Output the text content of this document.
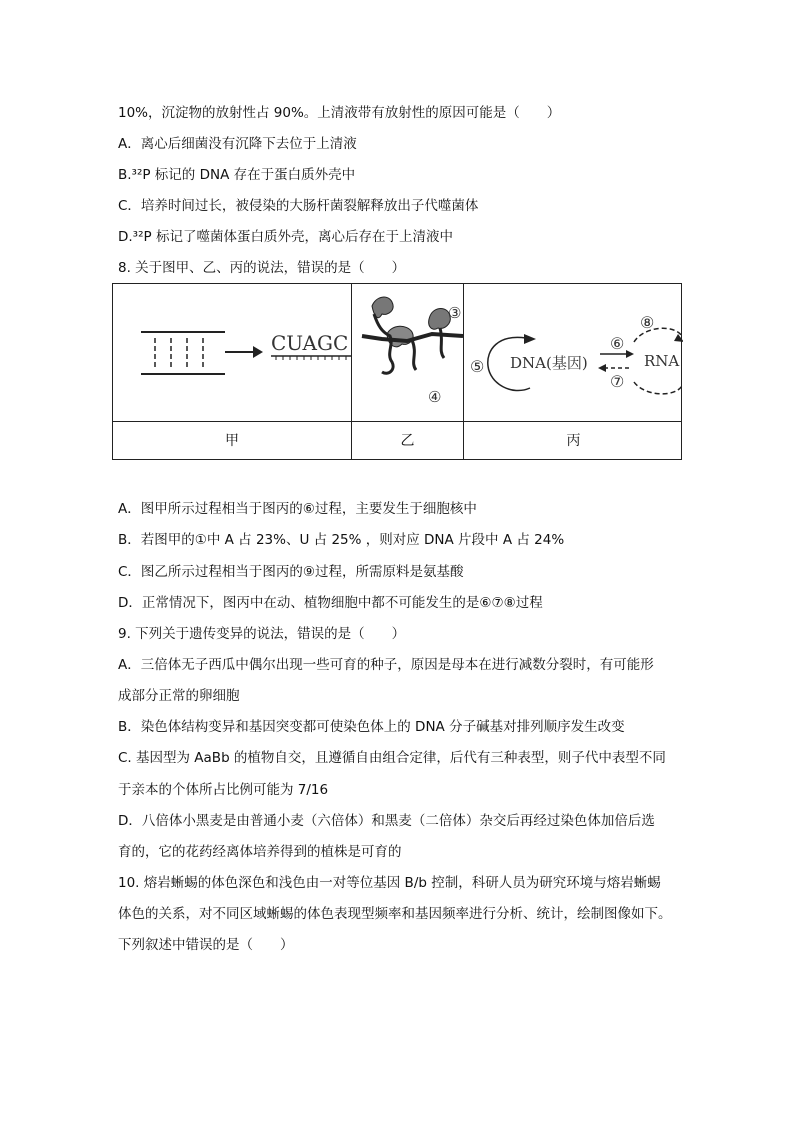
10%，沉淀物的放射性占 90%。上清液带有放射性的原因可能是（　　）
A．离心后细菌没有沉降下去位于上清液
B.³²P 标记的 DNA 存在于蛋白质外壳中
C．培养时间过长，被侵染的大肠杆菌裂解释放出子代噬菌体
D.³²P 标记了噬菌体蛋白质外壳，离心后存在于上清液中
8. 关于图甲、乙、丙的说法，错误的是（　　）
CUAGC
③
④
⑤ DNA(基因)
⑥
⑦
⑧
RNA
甲	乙	丙
A．图甲所示过程相当于图丙的⑥过程，主要发生于细胞核中
B．若图甲的①中 A 占 23%、U 占 25% ，则对应 DNA 片段中 A 占 24%
C．图乙所示过程相当于图丙的⑨过程，所需原料是氨基酸
D．正常情况下，图丙中在动、植物细胞中都不可能发生的是⑥⑦⑧过程
9. 下列关于遗传变异的说法，错误的是（　　）
A．三倍体无子西瓜中偶尔出现一些可育的种子，原因是母本在进行减数分裂时，有可能形
成部分正常的卵细胞
B．染色体结构变异和基因突变都可使染色体上的 DNA 分子碱基对排列顺序发生改变
C. 基因型为 AaBb 的植物自交，且遵循自由组合定律，后代有三种表型，则子代中表型不同
于亲本的个体所占比例可能为 7/16
D．八倍体小黑麦是由普通小麦（六倍体）和黑麦（二倍体）杂交后再经过染色体加倍后选
育的，它的花药经离体培养得到的植株是可育的
10. 熔岩蜥蜴的体色深色和浅色由一对等位基因 B/b 控制，科研人员为研究环境与熔岩蜥蜴
体色的关系，对不同区域蜥蜴的体色表现型频率和基因频率进行分析、统计，绘制图像如下。
下列叙述中错误的是（　　）
